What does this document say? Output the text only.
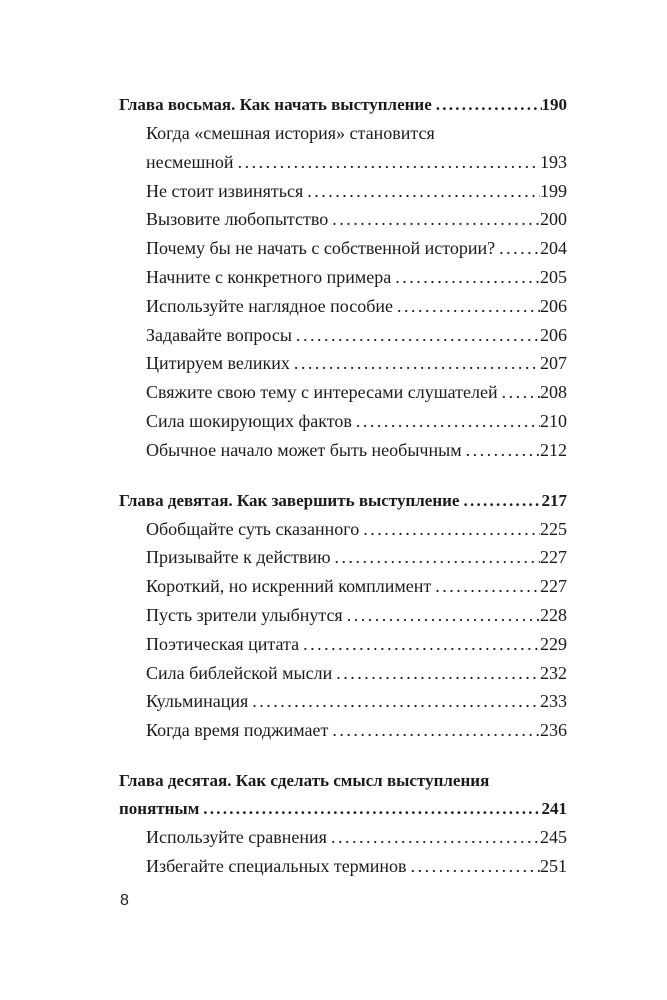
Глава восьмая. Как начать выступление . . .	190
Когда «смешная история» становится
несмешной . . .	193
Не стоит извиняться . . .	199
Вызовите любопытство . . .	200
Почему бы не начать с собственной истории? . . . 204
Начните с конкретного примера . . .	205
Используйте наглядное пособие . . .	206
Задавайте вопросы . . .	206
Цитируем великих . . .	207
Свяжите свою тему с интересами слушателей . . . 208
Сила шокирующих фактов . . .	210
Обычное начало может быть необычным . . .	212
Глава девятая. Как завершить выступление . . .	217
Обобщайте суть сказанного . . .	225
Призывайте к действию . . .	227
Короткий, но искренний комплимент . . .	227
Пусть зрители улыбнутся . . .	228
Поэтическая цитата . . .	229
Сила библейской мысли . . .	232
Кульминация . . .	233
Когда время поджимает . . .	236
Глава десятая. Как сделать смысл выступления
понятным . . .	241
Используйте сравнения . . .	245
Избегайте специальных терминов . . .	251
8
